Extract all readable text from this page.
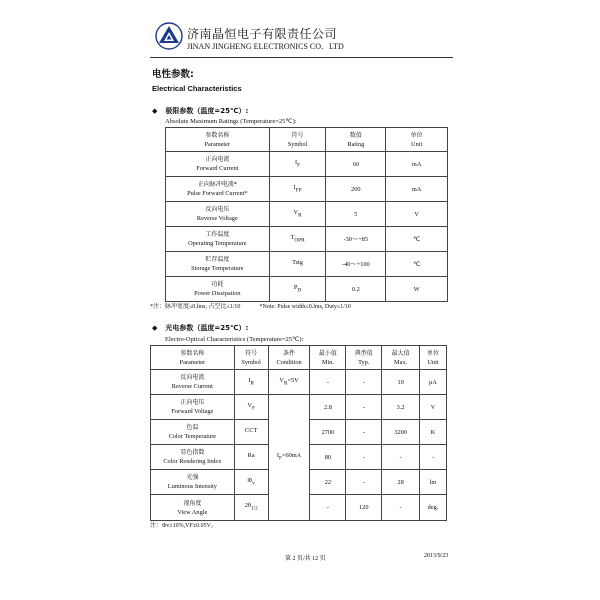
济南晶恒电子有限责任公司
JINAN JINGHENG ELECTRONICS CO．LTD
电性参数:
Electrical Characteristics
◆ 极限参数（温度=25℃）:
Absolute Maximum Ratings (Temperature=25℃):
参数名称
Parameter	符号
Symbol	数值
Rating	单位
Unit

正向电流
Forward Current	$I_F$	60	mA

正向脉冲电流*
Pulse Forward Current*	$I_{FP}$	200	mA

反向电压
Reverse Voltage	$V_R$	5	V

工作温度
Operating Temperature	$T_{OPR}$	-30～+85	℃

贮存温度
Storage Temperature	Tstg	-40～+100	℃

功耗
Power Dissipation	$P_D$	0.2	W
*注：脉冲宽度≤0.lms, 占空比≤1/10	*Note: Pulse width≤0.lms, Duty≤1/10
◆ 光电参数（温度=25℃）:
Electro-Optical Characteristics (Temperature=25℃):
参数名称
Parameter	符号
Symbol	条件
Condition	最小值
Min.	典型值
Typ.	最大值
Max.	单位
Unit

反向电流
Reverse Current	$I_R$	$V_R=5V$	-	-	10	μA

正向电压
Forward Voltage	$V_F$	$I_F=60mA$	2.8	-	3.2	V

色温
Color Temperature	CCT		2700	-	3200	K

显色指数
Color Rendering Index	Ra		80	-	-	-

光强
Luminous Intensity	$\Phi_v$		22	-	28	lm

视角度
View Angle	$2\theta_{1/2}$		-	120	-	deg.
注：Φv±10%,VF±0.05V。
第 2 页/共 12 页	2013/9/23
